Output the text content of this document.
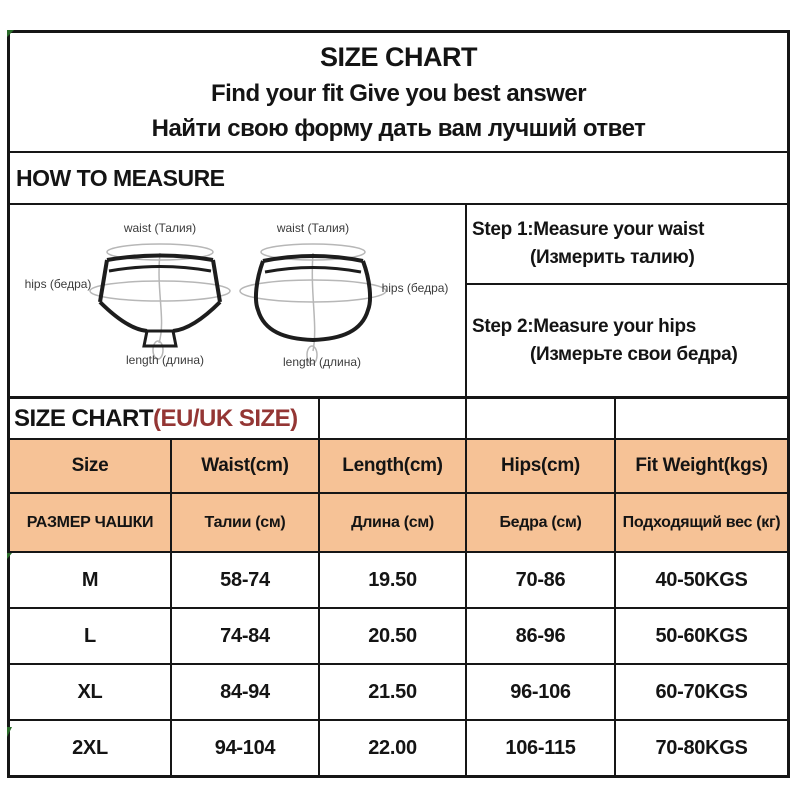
SIZE CHART
Find your fit Give you best answer
Найти свою форму дать вам лучший ответ
HOW TO MEASURE
waist (Талия)	waist (Талия)
hips (бедра)	hips (бедра)
length (длина)	length (длина)
Step 1:Measure your waist
(Измерить талию)
Step 2:Measure your hips
(Измерьте свои бедра)
SIZE CHART(EU/UK SIZE)
Size	Waist(cm)	Length(cm)	Hips(cm)	Fit Weight(kgs)
РАЗМЕР ЧАШКИ	Талии (см)	Длина (см)	Бедра (см)	Подходящий вес (кг)
M	58-74	19.50	70-86	40-50KGS
L	74-84	20.50	86-96	50-60KGS
XL	84-94	21.50	96-106	60-70KGS
2XL	94-104	22.00	106-115	70-80KGS
